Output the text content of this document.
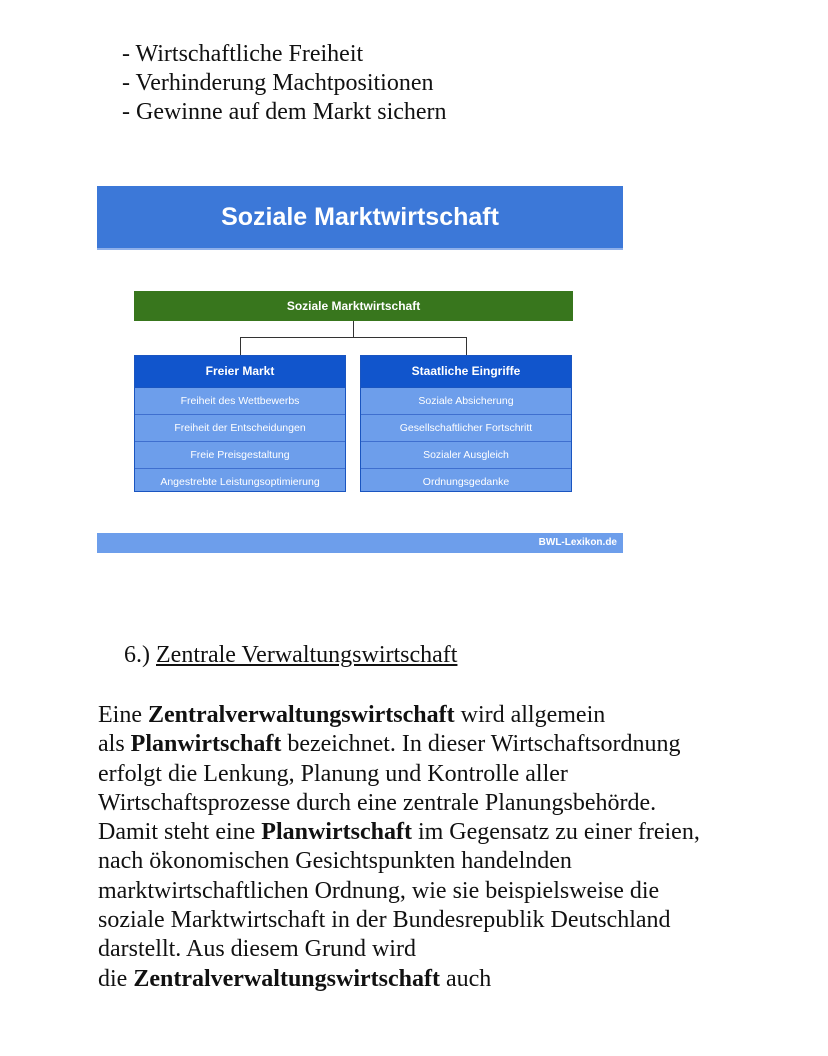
- Wirtschaftliche Freiheit
- Verhinderung Machtpositionen
- Gewinne auf dem Markt sichern
Soziale Marktwirtschaft
Soziale Marktwirtschaft
Freier Markt
Freiheit des Wettbewerbs
Freiheit der Entscheidungen
Freie Preisgestaltung
Angestrebte Leistungsoptimierung
Staatliche Eingriffe
Soziale Absicherung
Gesellschaftlicher Fortschritt
Sozialer Ausgleich
Ordnungsgedanke
BWL-Lexikon.de
6.) Zentrale Verwaltungswirtschaft
Eine Zentralverwaltungswirtschaft wird allgemein
als Planwirtschaft bezeichnet. In dieser Wirtschaftsordnung
erfolgt die Lenkung, Planung und Kontrolle aller
Wirtschaftsprozesse durch eine zentrale Planungsbehörde.
Damit steht eine Planwirtschaft im Gegensatz zu einer freien,
nach ökonomischen Gesichtspunkten handelnden
marktwirtschaftlichen Ordnung, wie sie beispielsweise die
soziale Marktwirtschaft in der Bundesrepublik Deutschland
darstellt. Aus diesem Grund wird
die Zentralverwaltungswirtschaft auch
